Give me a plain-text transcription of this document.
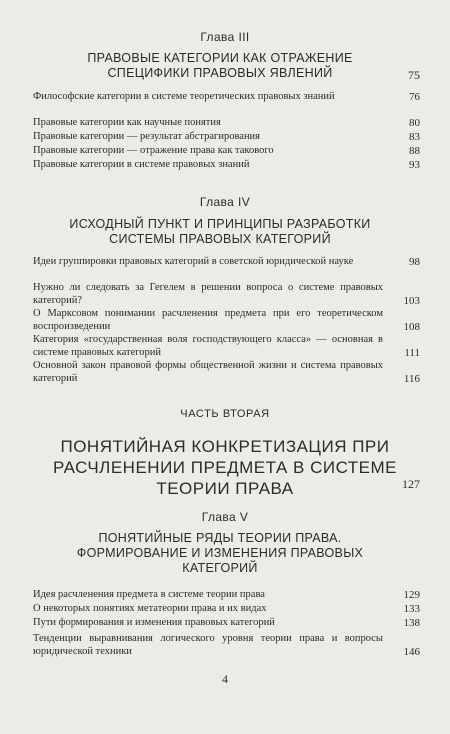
Глава III
ПРАВОВЫЕ КАТЕГОРИИ КАК ОТРАЖЕНИЕ СПЕЦИФИКИ ПРАВОВЫХ ЯВЛЕНИЙ	75
Философские категории в системе теоретических правовых знаний	76
Правовые категории как научные понятия	80
Правовые категории — результат абстрагирования	83
Правовые категории — отражение права как такового	88
Правовые категории в системе правовых знаний	93
Глава IV
ИСХОДНЫЙ ПУНКТ И ПРИНЦИПЫ РАЗРАБОТКИ СИСТЕМЫ ПРАВОВЫХ КАТЕГОРИЙ
Идеи группировки правовых категорий в советской юридической науке	98
Нужно ли следовать за Гегелем в решении вопроса о системе правовых категорий?	103
О Марксовом понимании расчленения предмета при его теоретическом воспроизведении	108
Категория «государственная воля господствующего класса» — основная в системе правовых категорий	111
Основной закон правовой формы общественной жизни и система правовых категорий	116
ЧАСТЬ ВТОРАЯ
ПОНЯТИЙНАЯ КОНКРЕТИЗАЦИЯ ПРИ РАСЧЛЕНЕНИИ ПРЕДМЕТА В СИСТЕМЕ ТЕОРИИ ПРАВА	127
Глава V
ПОНЯТИЙНЫЕ РЯДЫ ТЕОРИИ ПРАВА. ФОРМИРОВАНИЕ И ИЗМЕНЕНИЯ ПРАВОВЫХ КАТЕГОРИЙ
Идея расчленения предмета в системе теории права	129
О некоторых понятиях метатеории права и их видах	133
Пути формирования и изменения правовых категорий	138
Тенденции выравнивания логического уровня теории права и вопросы юридической техники	146
4
